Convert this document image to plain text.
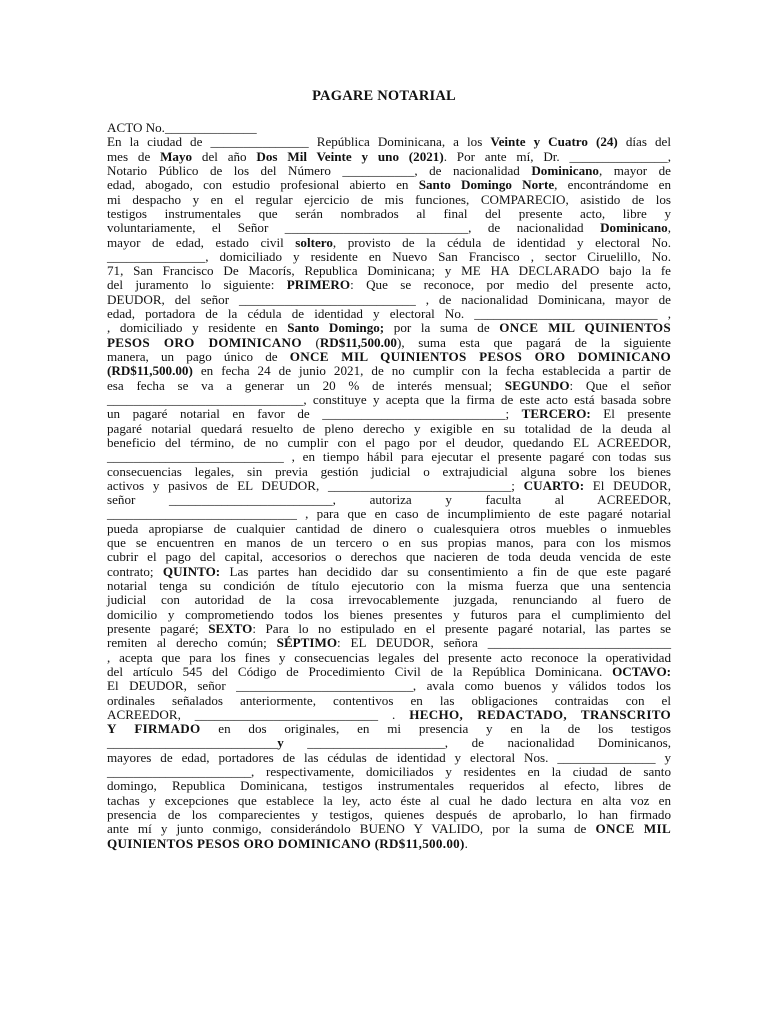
PAGARE NOTARIAL
ACTO No.______________
En la ciudad de _______________ República Dominicana, a los Veinte y Cuatro (24) días del
mes de Mayo del año Dos Mil Veinte y uno (2021). Por ante mí, Dr. _______________,
Notario Público de los del Número ___________, de nacionalidad Dominicano, mayor de
edad, abogado, con estudio profesional abierto en Santo Domingo Norte, encontrándome en
mi despacho y en el regular ejercicio de mis funciones, COMPARECIO, asistido de los
testigos instrumentales que serán nombrados al final del presente acto, libre y
voluntariamente, el Señor ____________________________, de nacionalidad Dominicano,
mayor de edad, estado civil soltero, provisto de la cédula de identidad y electoral No.
_______________, domiciliado y residente en Nuevo San Francisco , sector Ciruelillo, No.
71, San Francisco De Macorís, Republica Dominicana; y ME HA DECLARADO bajo la fe
del juramento lo siguiente: PRIMERO: Que se reconoce, por medio del presente acto,
DEUDOR, del señor ___________________________ , de nacionalidad Dominicana, mayor de
edad, portadora de la cédula de identidad y electoral No. ____________________________ ,
, domiciliado y residente en Santo Domingo; por la suma de ONCE MIL QUINIENTOS
PESOS ORO DOMINICANO (RD$11,500.00), suma esta que pagará de la siguiente
manera, un pago único de ONCE MIL QUINIENTOS PESOS ORO DOMINICANO
(RD$11,500.00) en fecha 24 de junio 2021, de no cumplir con la fecha establecida a partir de
esa fecha se va a generar un 20 % de interés mensual; SEGUNDO: Que el señor
______________________________, constituye y acepta que la firma de este acto está basada sobre
un pagaré notarial en favor de ____________________________; TERCERO: El presente
pagaré notarial quedará resuelto de pleno derecho y exigible en su totalidad de la deuda al
beneficio del término, de no cumplir con el pago por el deudor, quedando EL ACREEDOR,
___________________________ , en tiempo hábil para ejecutar el presente pagaré con todas sus
consecuencias legales, sin previa gestión judicial o extrajudicial alguna sobre los bienes
activos y pasivos de EL DEUDOR, ____________________________; CUARTO: El DEUDOR,
señor _________________________, autoriza y faculta al ACREEDOR,
_____________________________ , para que en caso de incumplimiento de este pagaré notarial
pueda apropiarse de cualquier cantidad de dinero o cualesquiera otros muebles o inmuebles
que se encuentren en manos de un tercero o en sus propias manos, para con los mismos
cubrir el pago del capital, accesorios o derechos que nacieren de toda deuda vencida de este
contrato; QUINTO: Las partes han decidido dar su consentimiento a fin de que este pagaré
notarial tenga su condición de título ejecutorio con la misma fuerza que una sentencia
judicial con autoridad de la cosa irrevocablemente juzgada, renunciando al fuero de
domicilio y comprometiendo todos los bienes presentes y futuros para el cumplimiento del
presente pagaré; SEXTO: Para lo no estipulado en el presente pagaré notarial, las partes se
remiten al derecho común; SÉPTIMO: EL DEUDOR, señora ____________________________
, acepta que para los fines y consecuencias legales del presente acto reconoce la operatividad
del artículo 545 del Código de Procedimiento Civil de la República Dominicana. OCTAVO:
El DEUDOR, señor ___________________________, avala como buenos y válidos todos los
ordinales señalados anteriormente, contentivos en las obligaciones contraidas con el
ACREEDOR, ____________________________ . HECHO, REDACTADO, TRANSCRITO
Y FIRMADO en dos originales, en mi presencia y en la de los testigos
__________________________y _____________________, de nacionalidad Dominicanos,
mayores de edad, portadores de las cédulas de identidad y electoral Nos. _______________ y
______________________, respectivamente, domiciliados y residentes en la ciudad de santo
domingo, Republica Dominicana, testigos instrumentales requeridos al efecto, libres de
tachas y excepciones que establece la ley, acto éste al cual he dado lectura en alta voz en
presencia de los comparecientes y testigos, quienes después de aprobarlo, lo han firmado
ante mí y junto conmigo, considerándolo BUENO Y VALIDO, por la suma de ONCE MIL
QUINIENTOS PESOS ORO DOMINICANO (RD$11,500.00).
